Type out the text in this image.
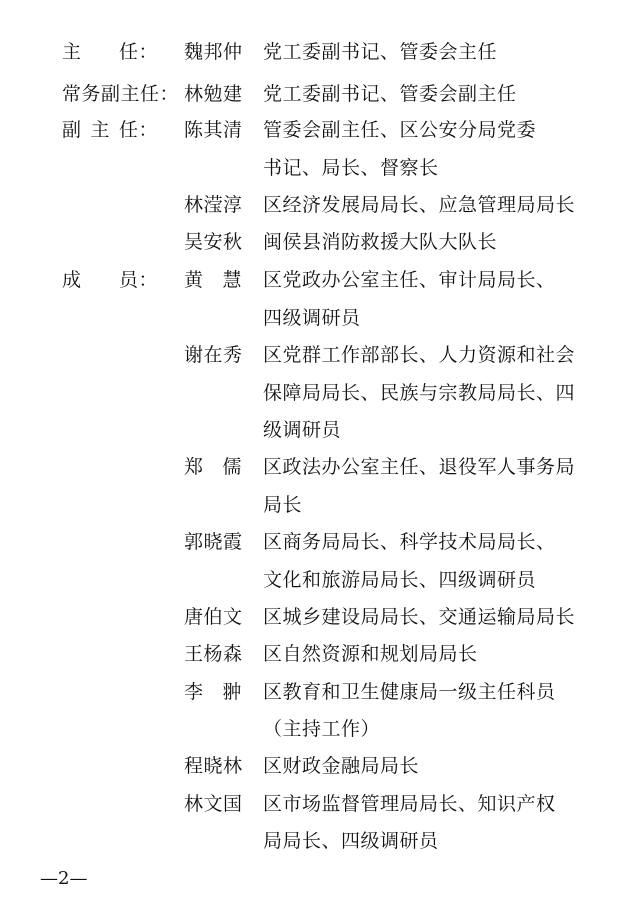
主 任： 魏邦仲 党工委副书记、管委会主任
常务副主任： 林勉建 党工委副书记、管委会副主任
副 主 任： 陈其清 管委会副主任、区公安分局党委
书记、局长、督察长
林滢淳 区经济发展局局长、应急管理局局长
吴安秋 闽侯县消防救援大队大队长
成 员： 黄 慧 区党政办公室主任、审计局局长、
四级调研员
谢在秀 区党群工作部部长、人力资源和社会
保障局局长、民族与宗教局局长、四
级调研员
郑 儒 区政法办公室主任、退役军人事务局
局长
郭晓霞 区商务局局长、科学技术局局长、
文化和旅游局局长、四级调研员
唐伯文 区城乡建设局局长、交通运输局局长
王杨森 区自然资源和规划局局长
李 翀 区教育和卫生健康局一级主任科员
（主持工作）
程晓林 区财政金融局局长
林文国 区市场监督管理局局长、知识产权
局局长、四级调研员
—2—
